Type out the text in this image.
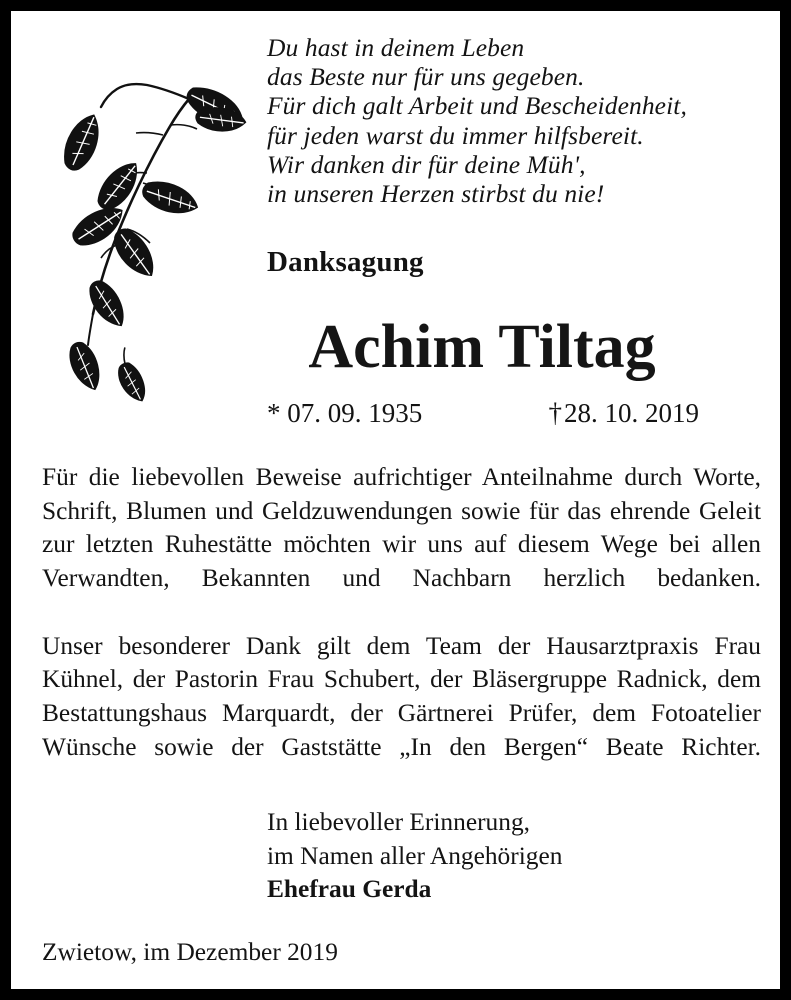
Du hast in deinem Leben
das Beste nur für uns gegeben.
Für dich galt Arbeit und Bescheidenheit,
für jeden warst du immer hilfsbereit.
Wir danken dir für deine Müh',
in unseren Herzen stirbst du nie!
Danksagung
Achim Tiltag
* 07. 09. 1935	†28. 10. 2019

Für die liebevollen Beweise aufrichtiger Anteilnahme durch Worte, Schrift, Blumen und Geldzuwendungen sowie für das ehrende Geleit zur letzten Ruhestätte möchten wir uns auf diesem Wege bei allen Verwandten, Bekannten und Nachbarn herzlich bedanken.

Unser besonderer Dank gilt dem Team der Hausarztpraxis Frau Kühnel, der Pastorin Frau Schubert, der Bläsergruppe Radnick, dem Bestattungshaus Marquardt, der Gärtnerei Prüfer, dem Fotoatelier Wünsche sowie der Gaststätte „In den Bergen“ Beate Richter.

In liebevoller Erinnerung,
im Namen aller Angehörigen
Ehefrau Gerda
Zwietow, im Dezember 2019
